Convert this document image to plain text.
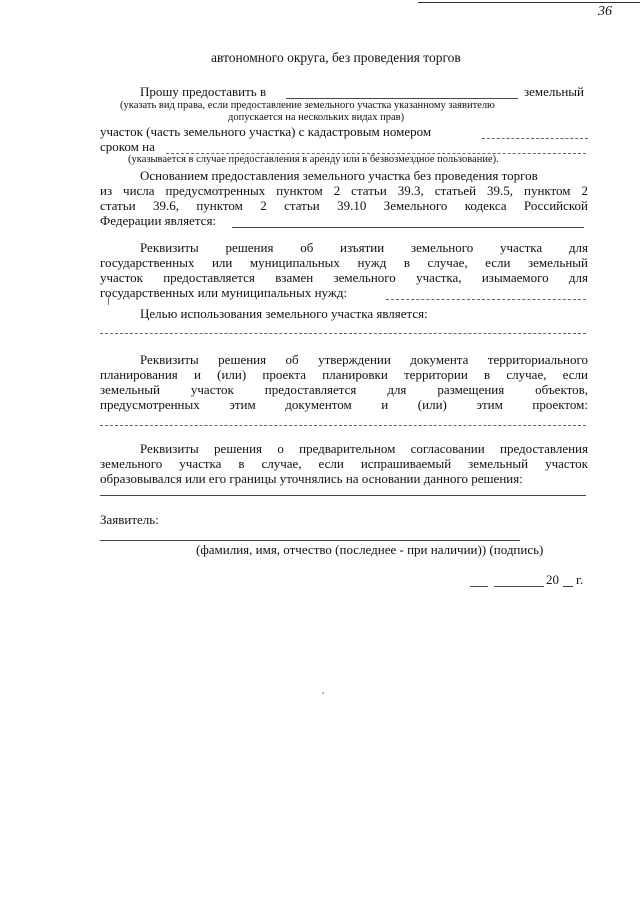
36
автономного округа, без проведения торгов
Прошу предоставить в	земельный
(указать вид права, если предоставление земельного участка указанному заявителю
допускается на нескольких видах прав)
участок (часть земельного участка) с кадастровым номером
сроком на
(указывается в случае предоставления в аренду или в безвозмездное пользование).
Основанием предоставления земельного участка без проведения торгов
из числа предусмотренных пунктом 2 статьи 39.3, статьей 39.5, пунктом 2
статьи 39.6, пунктом 2 статьи 39.10 Земельного кодекса Российской
Федерации является:
Реквизиты решения об изъятии земельного участка для
государственных или муниципальных нужд в случае, если земельный
участок предоставляется взамен земельного участка, изымаемого для
государственных или муниципальных нужд:
Целью использования земельного участка является:
Реквизиты решения об утверждении документа территориального
планирования и (или) проекта планировки территории в случае, если
земельный участок предоставляется для размещения объектов,
предусмотренных этим документом и (или) этим проектом:
Реквизиты решения о предварительном согласовании предоставления
земельного участка в случае, если испрашиваемый земельный участок
образовывался или его границы уточнялись на основании данного решения:
Заявитель:
(фамилия, имя, отчество (последнее - при наличии)) (подпись)
20 г.
